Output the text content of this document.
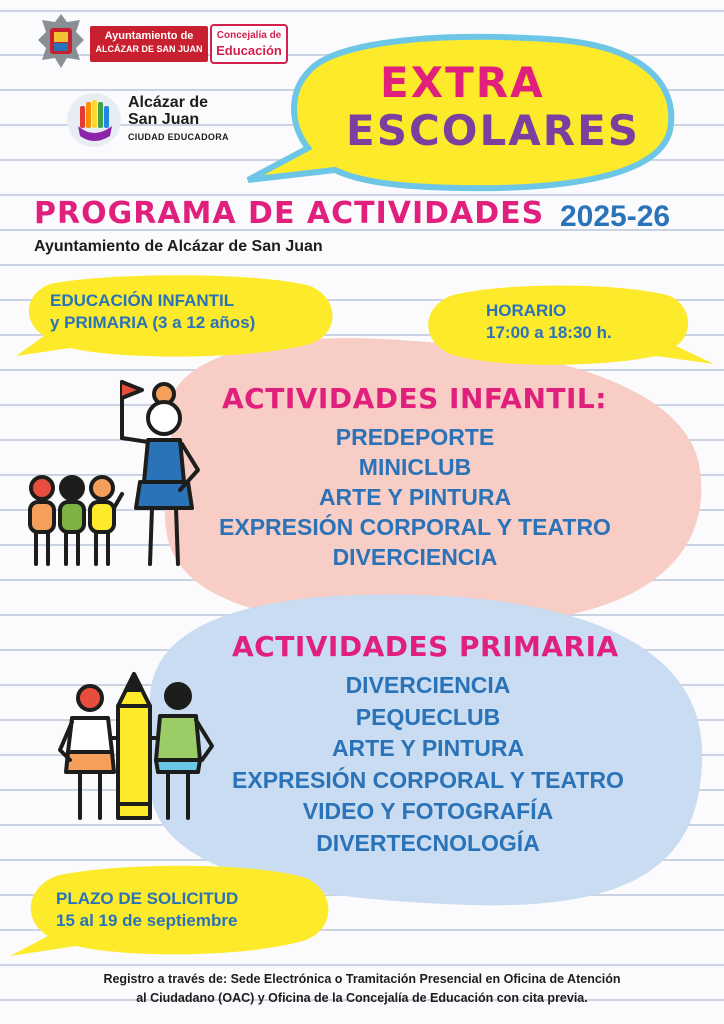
Ayuntamiento de
ALCÁZAR DE SAN JUAN
Concejalía de
Educación
Alcázar de
San Juan
CIUDAD EDUCADORA
EXTRA
ESCOLARES
PROGRAMA DE ACTIVIDADES 2025-26
Ayuntamiento de Alcázar de San Juan
EDUCACIÓN INFANTIL
y PRIMARIA (3 a 12 años)
HORARIO
17:00 a 18:30 h.
ACTIVIDADES INFANTIL:
PREDEPORTE
MINICLUB
ARTE Y PINTURA
EXPRESIÓN CORPORAL Y TEATRO
DIVERCIENCIA
ACTIVIDADES PRIMARIA
DIVERCIENCIA
PEQUECLUB
ARTE Y PINTURA
EXPRESIÓN CORPORAL Y TEATRO
VIDEO Y FOTOGRAFÍA
DIVERTECNOLOGÍA
PLAZO DE SOLICITUD
15 al 19 de septiembre
Registro a través de: Sede Electrónica o Tramitación Presencial en Oficina de Atención
al Ciudadano (OAC) y Oficina de la Concejalía de Educación con cita previa.
